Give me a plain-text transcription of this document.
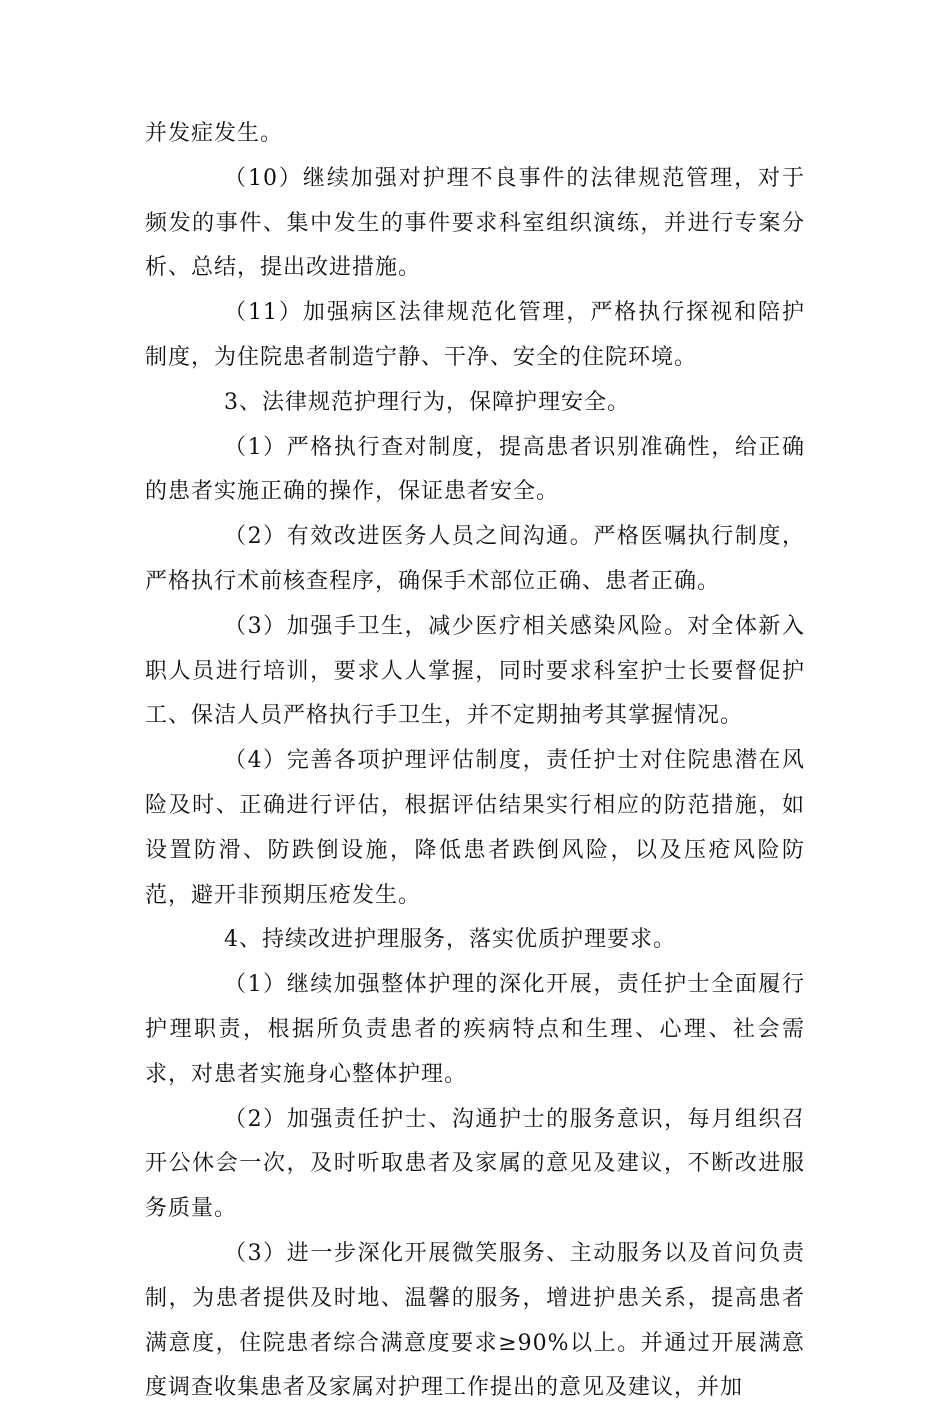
并发症发生。

（10）继续加强对护理不良事件的法律规范管理，对于频发的事件、集中发生的事件要求科室组织演练，并进行专案分析、总结，提出改进措施。

（11）加强病区法律规范化管理，严格执行探视和陪护制度，为住院患者制造宁静、干净、安全的住院环境。

3、法律规范护理行为，保障护理安全。

（1）严格执行查对制度，提高患者识别准确性，给正确的患者实施正确的操作，保证患者安全。

（2）有效改进医务人员之间沟通。严格医嘱执行制度，严格执行术前核查程序，确保手术部位正确、患者正确。

（3）加强手卫生，减少医疗相关感染风险。对全体新入职人员进行培训，要求人人掌握，同时要求科室护士长要督促护工、保洁人员严格执行手卫生，并不定期抽考其掌握情况。

（4）完善各项护理评估制度，责任护士对住院患潜在风险及时、正确进行评估，根据评估结果实行相应的防范措施，如设置防滑、防跌倒设施，降低患者跌倒风险，以及压疮风险防范，避开非预期压疮发生。

4、持续改进护理服务，落实优质护理要求。

（1）继续加强整体护理的深化开展，责任护士全面履行护理职责，根据所负责患者的疾病特点和生理、心理、社会需求，对患者实施身心整体护理。

（2）加强责任护士、沟通护士的服务意识，每月组织召开公休会一次，及时听取患者及家属的意见及建议，不断改进服务质量。

（3）进一步深化开展微笑服务、主动服务以及首问负责制，为患者提供及时地、温馨的服务，增进护患关系，提高患者满意度，住院患者综合满意度要求≥90%以上。并通过开展满意度调查收集患者及家属对护理工作提出的意见及建议，并加
